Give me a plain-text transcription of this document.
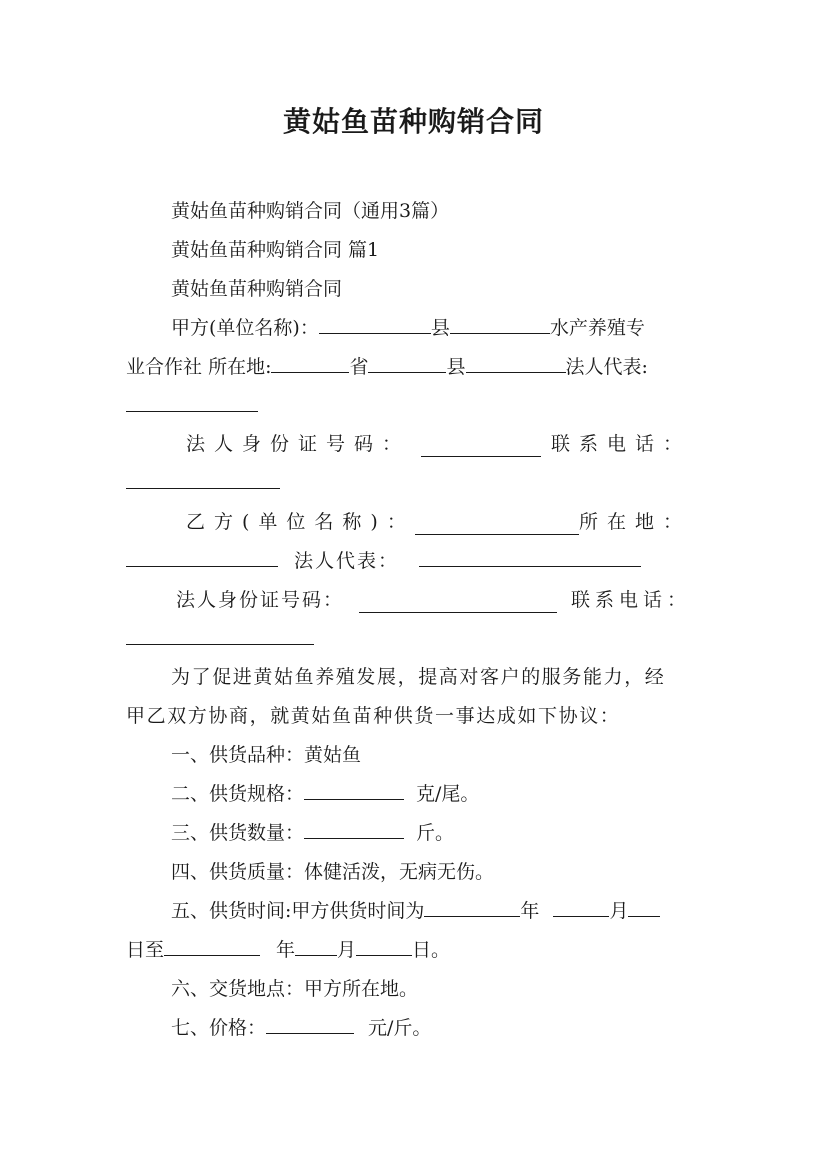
黄姑鱼苗种购销合同
黄姑鱼苗种购销合同（通用3篇）
黄姑鱼苗种购销合同 篇1
黄姑鱼苗种购销合同
甲方(单位名称)：	县	水产养殖专
业合作社 所在地:	省	县	法人代表:
法人身份证号码：	联系电话：
乙方(单位名称)：	所在地：
法人代表：
法人身份证号码：	联系电话：
为了促进黄姑鱼养殖发展，提高对客户的服务能力，经
甲乙双方协商，就黄姑鱼苗种供货一事达成如下协议：
一、供货品种：黄姑鱼
二、供货规格：	克/尾。
三、供货数量：	斤。
四、供货质量：体健活泼，无病无伤。
五、供货时间:甲方供货时间为	年	月
日至	年 月	日。
六、交货地点：甲方所在地。
七、价格：	元/斤。
